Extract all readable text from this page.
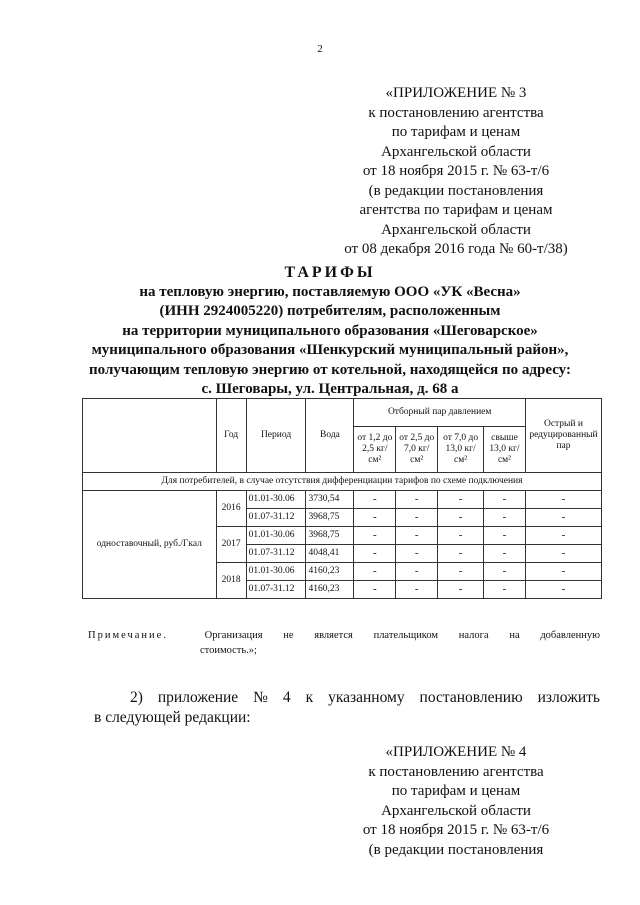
2
«ПРИЛОЖЕНИЕ № 3
к постановлению агентства
по тарифам и ценам
Архангельской области
от 18 ноября 2015 г. № 63-т/6
(в редакции постановления
агентства по тарифам и ценам
Архангельской области
от 08 декабря 2016 года № 60-т/38)
ТАРИФЫ
на тепловую энергию, поставляемую ООО «УК «Весна»
(ИНН 2924005220) потребителям, расположенным
на территории муниципального образования «Шеговарское»
муниципального образования «Шенкурский муниципальный район»,
получающим тепловую энергию от котельной, находящейся по адресу:
с. Шеговары, ул. Центральная, д. 68 а
	Год	Период	Вода	Отборный пар давлением				Острый и редуцированный пар
				от 1,2 до 2,5 кг/см²	от 2,5 до 7,0 кг/см²	от 7,0 до 13,0 кг/см²	свыше 13,0 кг/см²	
Для потребителей, в случае отсутствия дифференциации тарифов по схеме подключения								
одноставочный, руб./Гкал	2016	01.01-30.06	3730,54	-	-	-	-	-
		01.07-31.12	3968,75	-	-	-	-	-
	2017	01.01-30.06	3968,75	-	-	-	-	-
		01.07-31.12	4048,41	-	-	-	-	-
	2018	01.01-30.06	4160,23	-	-	-	-	-
		01.07-31.12	4160,23	-	-	-	-	-
Примечание.	Организация не является плательщиком налога на добавленную
стоимость.»;
2) приложение № 4 к указанному постановлению изложить
в следующей редакции:
«ПРИЛОЖЕНИЕ № 4
к постановлению агентства
по тарифам и ценам
Архангельской области
от 18 ноября 2015 г. № 63-т/6
(в редакции постановления
